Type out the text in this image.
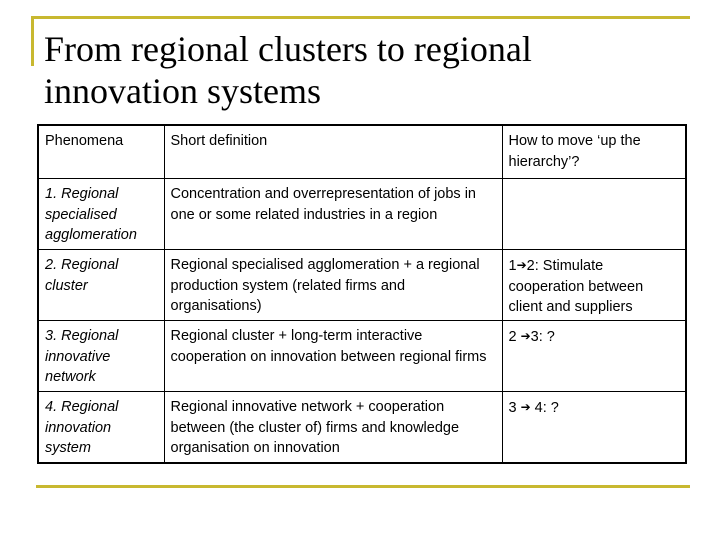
From regional clusters to regional innovation systems
Phenomena	Short definition	How to move ‘up the hierarchy’?
1. Regional specialised agglomeration	Concentration and overrepresentation of jobs in one or some related industries in a region	
2. Regional cluster	Regional specialised agglomeration + a regional production system (related firms and organisations)	1➔2: Stimulate cooperation between client and suppliers
3. Regional innovative network	Regional cluster + long-term interactive cooperation on innovation between regional firms	2 ➔3: ?
4. Regional innovation system	Regional innovative network + cooperation between (the cluster of) firms and knowledge organisation on innovation	3 ➔ 4: ?
